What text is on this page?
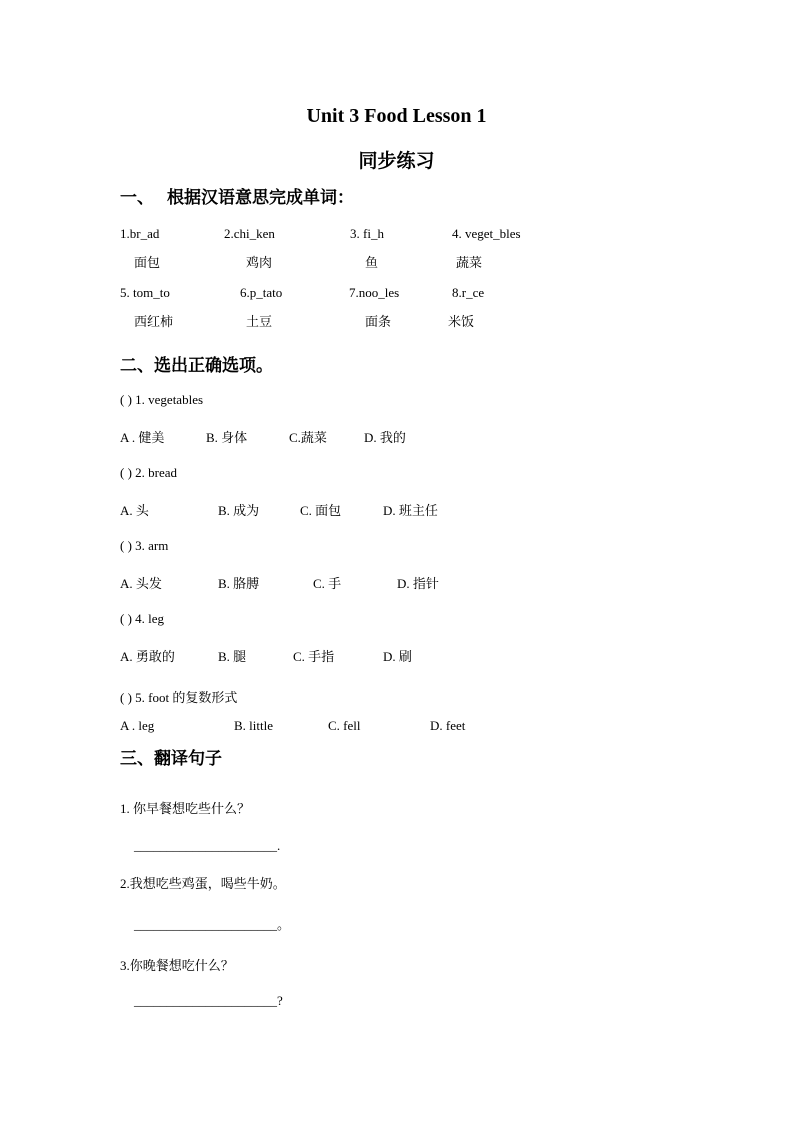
Unit 3 Food Lesson 1
同步练习
一、 根据汉语意思完成单词：
1.br_ad	2.chi_ken	3. fi_h	4. veget_bles
面包	鸡肉	鱼	蔬菜
5. tom_to	6.p_tato	7.noo_les	8.r_ce
西红柿	土豆	面条	米饭
二、选出正确选项。
( ) 1. vegetables
A . 健美	B. 身体	C.蔬菜	D. 我的
( ) 2. bread
A. 头	B. 成为	C. 面包	D. 班主任
( ) 3. arm
A. 头发	B. 胳膊	C. 手	D. 指针
( ) 4. leg
A. 勇敢的	B. 腿	C. 手指	D. 刷
( ) 5. foot 的复数形式
A . leg	B. little	C. fell	D. feet
三、翻译句子
1. 你早餐想吃些什么？
______________________.
2.我想吃些鸡蛋，喝些牛奶。
______________________。
3.你晚餐想吃什么？
______________________?
